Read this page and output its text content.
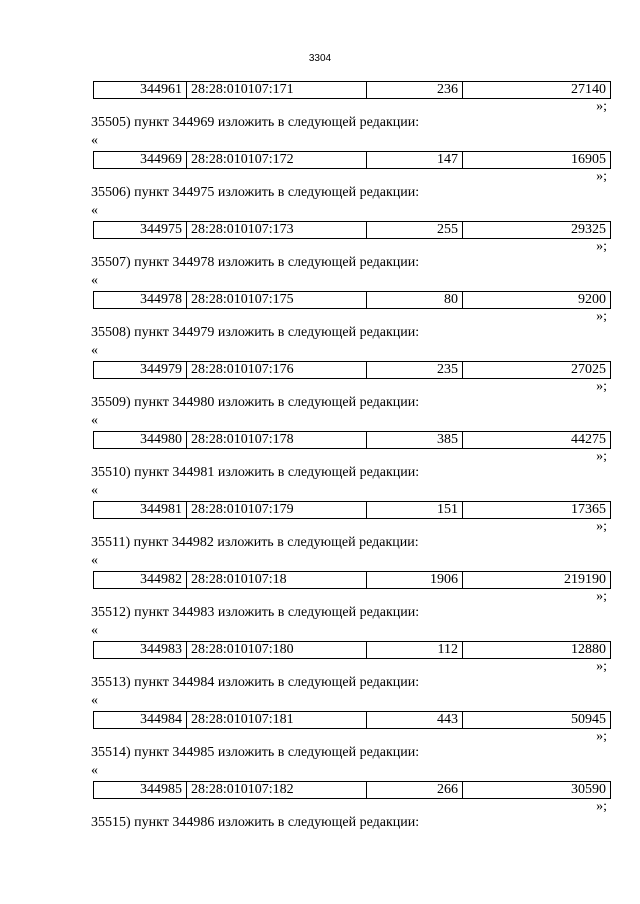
3304
344961	28:28:010107:171	236	27140
»;
35505) пункт 344969 изложить в следующей редакции:
«
344969	28:28:010107:172	147	16905
»;
35506) пункт 344975 изложить в следующей редакции:
«
344975	28:28:010107:173	255	29325
»;
35507) пункт 344978 изложить в следующей редакции:
«
344978	28:28:010107:175	80	9200
»;
35508) пункт 344979 изложить в следующей редакции:
«
344979	28:28:010107:176	235	27025
»;
35509) пункт 344980 изложить в следующей редакции:
«
344980	28:28:010107:178	385	44275
»;
35510) пункт 344981 изложить в следующей редакции:
«
344981	28:28:010107:179	151	17365
»;
35511) пункт 344982 изложить в следующей редакции:
«
344982	28:28:010107:18	1906	219190
»;
35512) пункт 344983 изложить в следующей редакции:
«
344983	28:28:010107:180	112	12880
»;
35513) пункт 344984 изложить в следующей редакции:
«
344984	28:28:010107:181	443	50945
»;
35514) пункт 344985 изложить в следующей редакции:
«
344985	28:28:010107:182	266	30590
»;
35515) пункт 344986 изложить в следующей редакции:
